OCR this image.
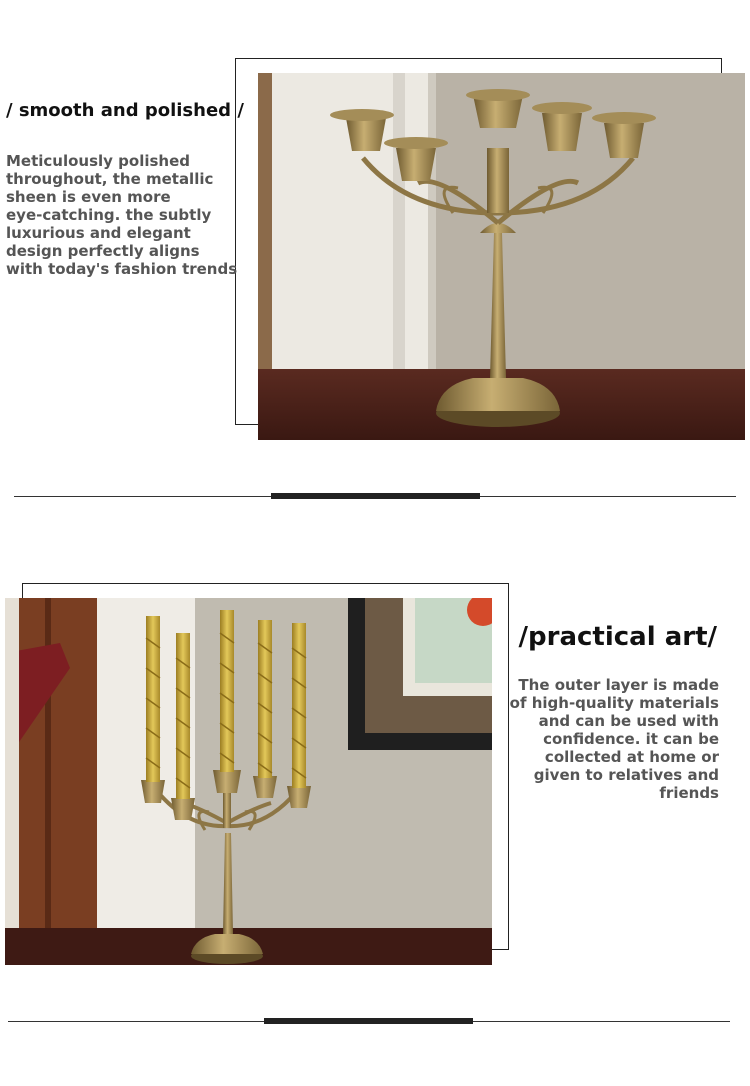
/ smooth and polished /
Meticulously polished
throughout, the metallic
sheen is even more
eye-catching. the subtly
luxurious and elegant
design perfectly aligns
with today's fashion trends
/practical art/
The outer layer is made
of high-quality materials
and can be used with
confidence. it can be
collected at home or
given to relatives and
friends
